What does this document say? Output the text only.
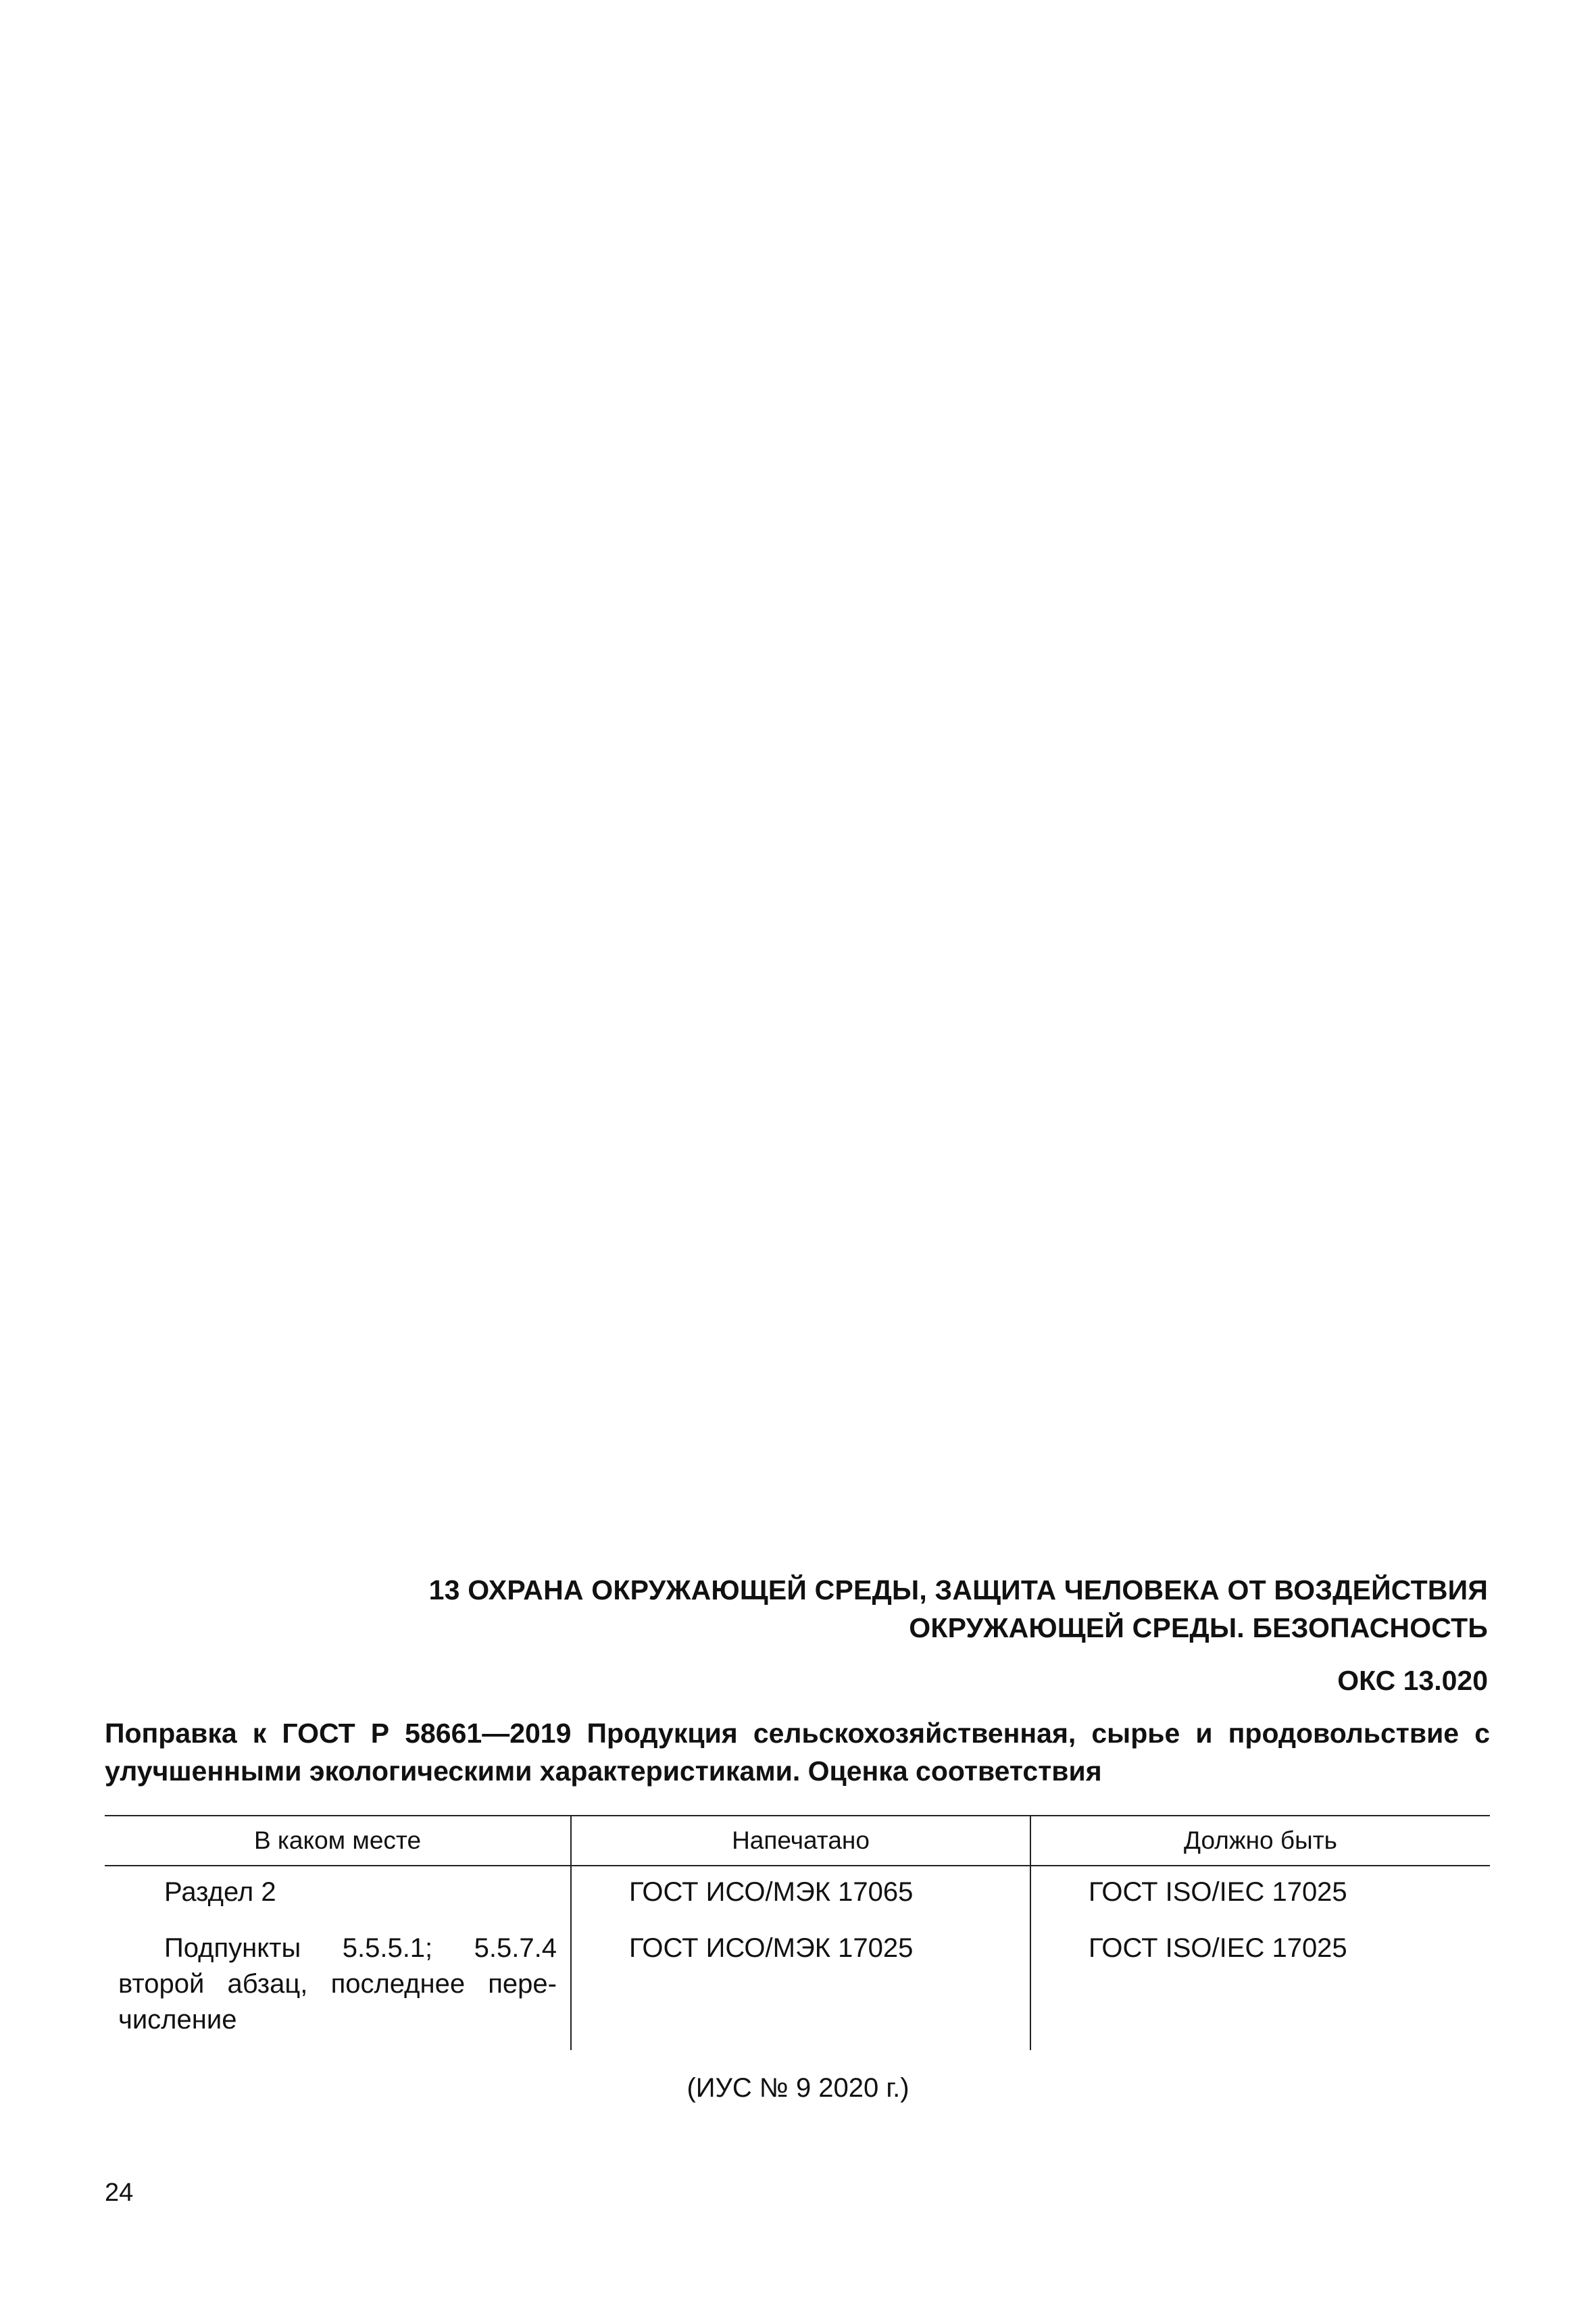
13 ОХРАНА ОКРУЖАЮЩЕЙ СРЕДЫ, ЗАЩИТА ЧЕЛОВЕКА ОТ ВОЗДЕЙСТВИЯ
ОКРУЖАЮЩЕЙ СРЕДЫ. БЕЗОПАСНОСТЬ
ОКС 13.020
Поправка к ГОСТ Р 58661—2019 Продукция сельскохозяйственная, сырье и продовольствие с улучшенными экологическими характеристиками. Оценка соответствия
В каком месте	Напечатано	Должно быть
Раздел 2	ГОСТ ИСО/МЭК 17065	ГОСТ ISO/IEC 17025
Подпункты 5.5.5.1; 5.5.7.4 второй абзац, последнее пере-числение	ГОСТ ИСО/МЭК 17025	ГОСТ ISO/IEC 17025
(ИУС № 9 2020 г.)
24
